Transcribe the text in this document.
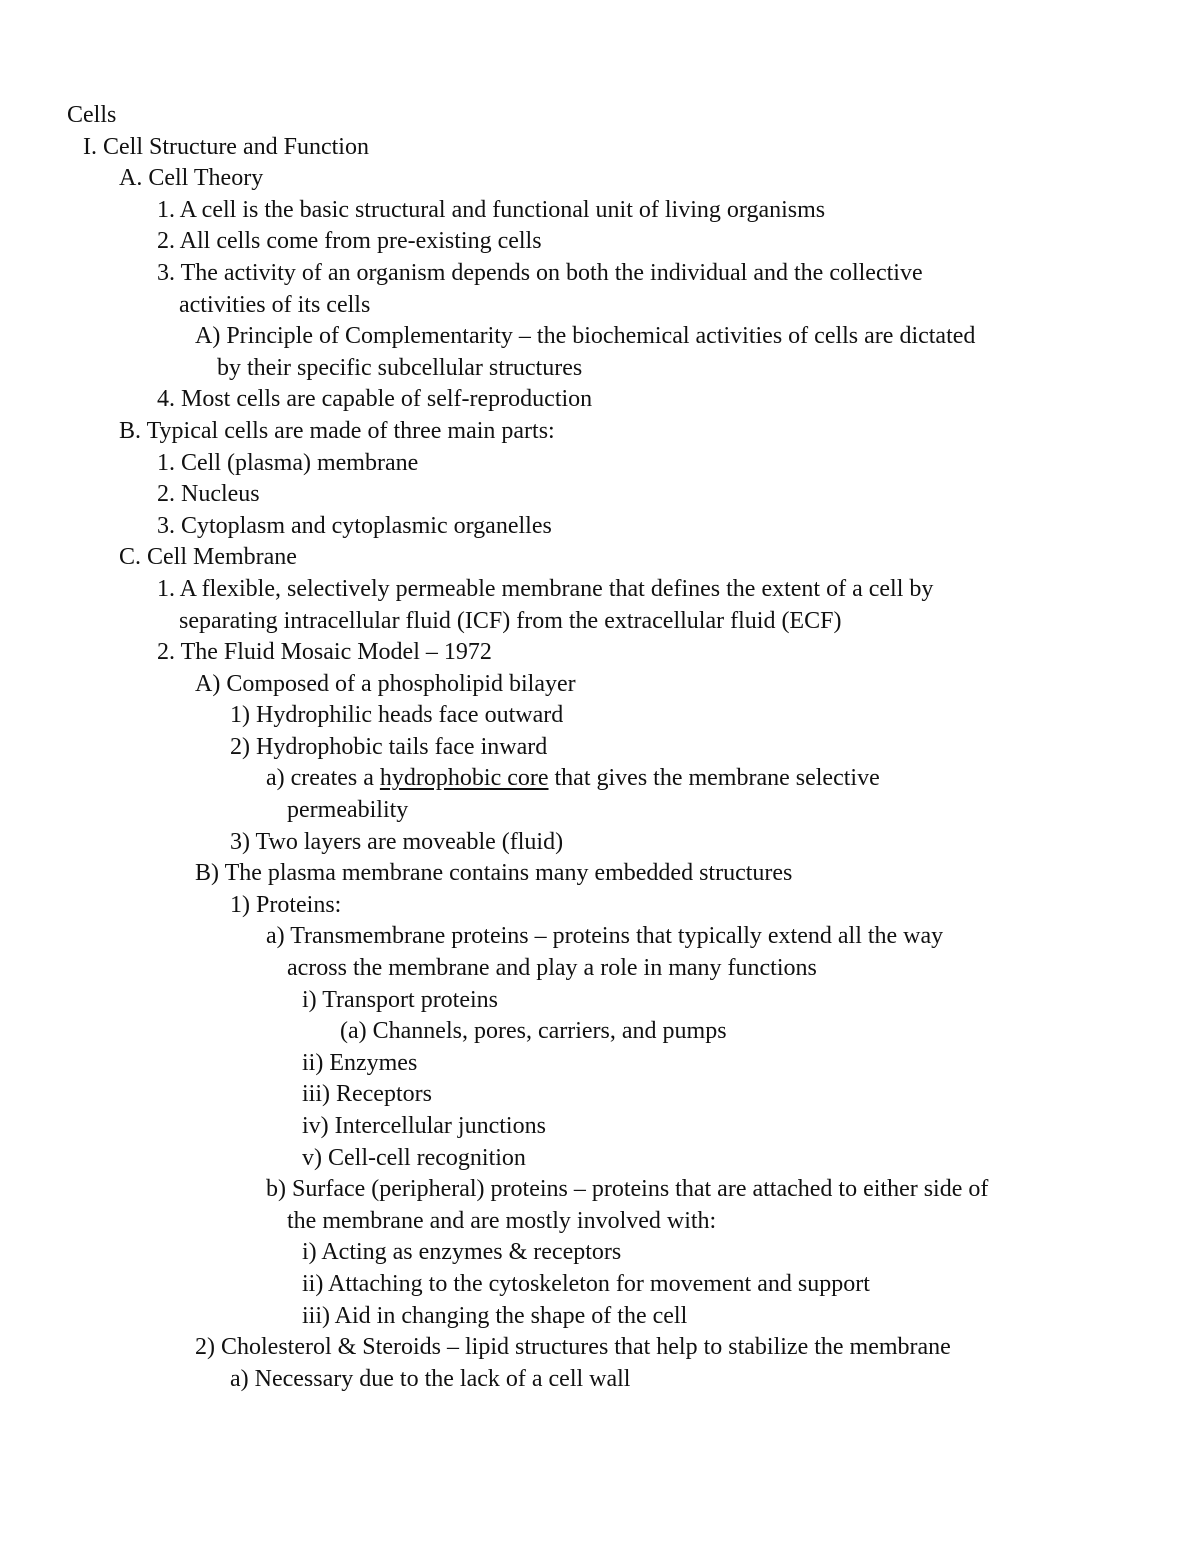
Cells
I. Cell Structure and Function
A. Cell Theory
1. A cell is the basic structural and functional unit of living organisms
2. All cells come from pre-existing cells
3. The activity of an organism depends on both the individual and the collective
activities of its cells
A) Principle of Complementarity – the biochemical activities of cells are dictated
by their specific subcellular structures
4. Most cells are capable of self-reproduction
B. Typical cells are made of three main parts:
1. Cell (plasma) membrane
2. Nucleus
3. Cytoplasm and cytoplasmic organelles
C. Cell Membrane
1. A flexible, selectively permeable membrane that defines the extent of a cell by
separating intracellular fluid (ICF) from the extracellular fluid (ECF)
2. The Fluid Mosaic Model – 1972
A) Composed of a phospholipid bilayer
1) Hydrophilic heads face outward
2) Hydrophobic tails face inward
a) creates a hydrophobic core that gives the membrane selective
permeability
3) Two layers are moveable (fluid)
B) The plasma membrane contains many embedded structures
1) Proteins:
a) Transmembrane proteins – proteins that typically extend all the way
across the membrane and play a role in many functions
i) Transport proteins
(a) Channels, pores, carriers, and pumps
ii) Enzymes
iii) Receptors
iv) Intercellular junctions
v) Cell-cell recognition
b) Surface (peripheral) proteins – proteins that are attached to either side of
the membrane and are mostly involved with:
i) Acting as enzymes & receptors
ii) Attaching to the cytoskeleton for movement and support
iii) Aid in changing the shape of the cell
2) Cholesterol & Steroids – lipid structures that help to stabilize the membrane
a) Necessary due to the lack of a cell wall
